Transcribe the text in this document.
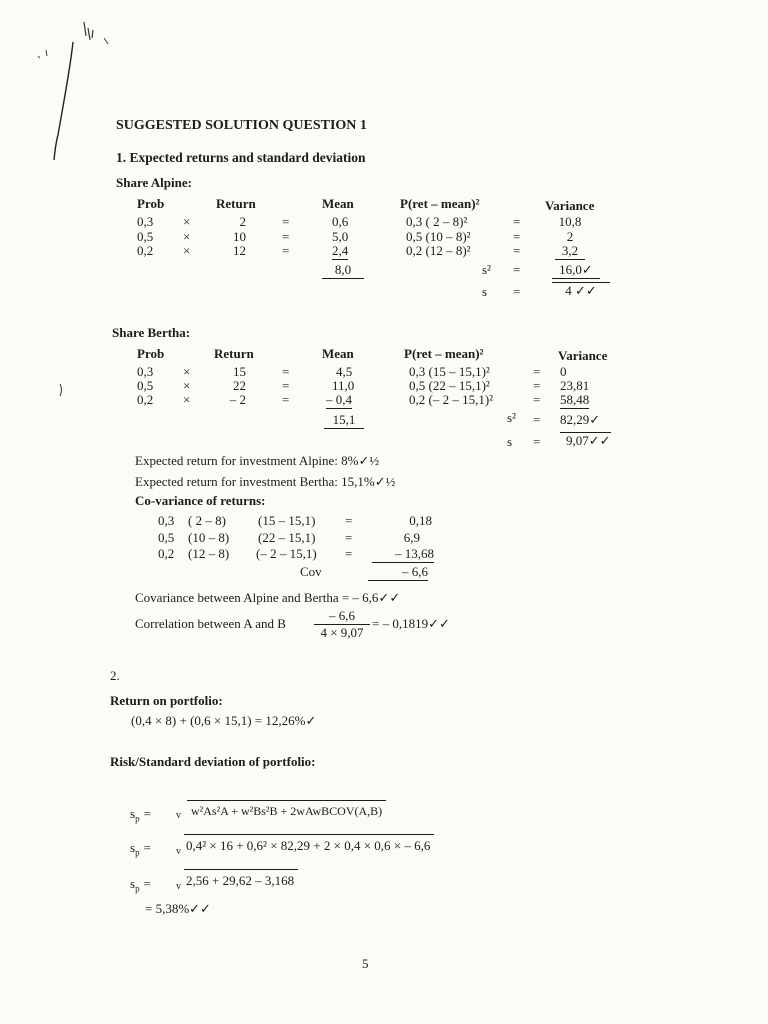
SUGGESTED SOLUTION QUESTION 1
1. Expected returns and standard deviation
Share Alpine:
Prob	Return	Mean	P(ret – mean)²	Variance
0,3 ×	2	=	0,6	0,3 ( 2 – 8)²	=	10,8
0,5 ×	10	=	5,0	0,5 (10 – 8)²	=	2
0,2 ×	12	=	2,4	0,2 (12 – 8)²	=	3,2
8,0	s² =	16,0✓
s =	4 ✓✓
Share Bertha:
Prob	Return	Mean	P(ret – mean)²	Variance
0,3 ×	15	=	4,5	0,3 (15 – 15,1)²	= 0
0,5 ×	22	=	11,0	0,5 (22 – 15,1)²	= 23,81
0,2 ×	– 2	=	– 0,4	0,2 (– 2 – 15,1)²	= 58,48
15,1	s² = 82,29✓
s =	9,07✓✓
Expected return for investment Alpine: 8%✓½
Expected return for investment Bertha: 15,1%✓½
Co-variance of returns:
0,3 ( 2 – 8) (15 – 15,1) =	0,18
0,5 (10 – 8) (22 – 15,1) =	6,9
0,2 (12 – 8) (– 2 – 15,1) =	– 13,68
Cov	– 6,6
Covariance between Alpine and Bertha = – 6,6✓✓
Correlation between A and B
– 6,6
4 × 9,07
= – 0,1819✓✓
2.
Return on portfolio:
(0,4 × 8) + (0,6 × 15,1) = 12,26%✓
Risk/Standard deviation of portfolio:
$s_p$ =	v w²As²A + w²Bs²B + 2wAwBCOV(A,B)
$s_p$ =	v 0,4² × 16 + 0,6² × 82,29 + 2 × 0,4 × 0,6 × – 6,6
$s_p$ =	v 2,56 + 29,62 – 3,168
= 5,38%✓✓
5
